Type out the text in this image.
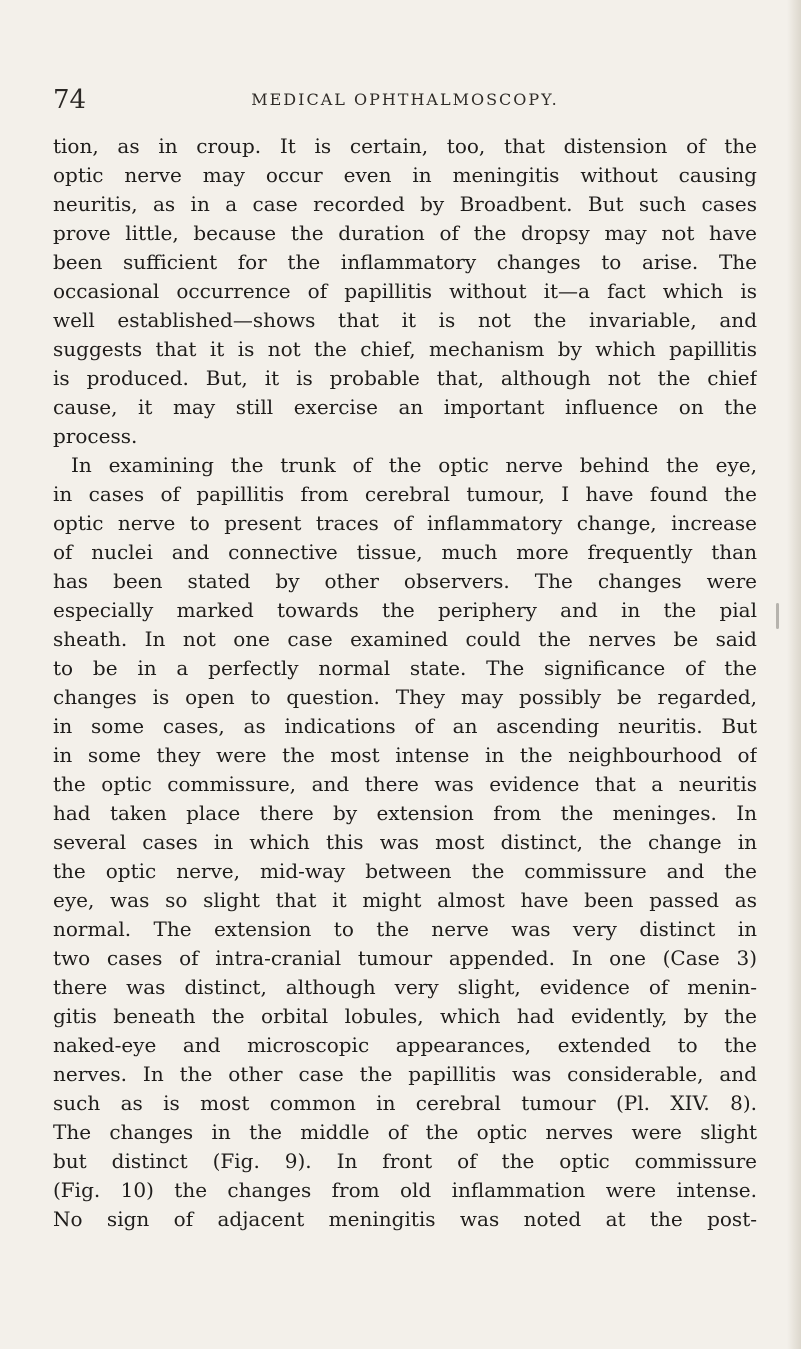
74	MEDICAL OPHTHALMOSCOPY.
tion, as in croup. It is certain, too, that distension of the
optic nerve may occur even in meningitis without causing
neuritis, as in a case recorded by Broadbent. But such cases
prove little, because the duration of the dropsy may not have
been sufficient for the inflammatory changes to arise. The
occasional occurrence of papillitis without it—a fact which is
well established—shows that it is not the invariable, and
suggests that it is not the chief, mechanism by which papillitis
is produced. But, it is probable that, although not the chief
cause, it may still exercise an important influence on the
process.
In examining the trunk of the optic nerve behind the eye,
in cases of papillitis from cerebral tumour, I have found the
optic nerve to present traces of inflammatory change, increase
of nuclei and connective tissue, much more frequently than
has been stated by other observers. The changes were
especially marked towards the periphery and in the pial
sheath. In not one case examined could the nerves be said
to be in a perfectly normal state. The significance of the
changes is open to question. They may possibly be regarded,
in some cases, as indications of an ascending neuritis. But
in some they were the most intense in the neighbourhood of
the optic commissure, and there was evidence that a neuritis
had taken place there by extension from the meninges. In
several cases in which this was most distinct, the change in
the optic nerve, mid-way between the commissure and the
eye, was so slight that it might almost have been passed as
normal. The extension to the nerve was very distinct in
two cases of intra-cranial tumour appended. In one (Case 3)
there was distinct, although very slight, evidence of menin-
gitis beneath the orbital lobules, which had evidently, by the
naked-eye and microscopic appearances, extended to the
nerves. In the other case the papillitis was considerable, and
such as is most common in cerebral tumour (Pl. XIV. 8).
The changes in the middle of the optic nerves were slight
but distinct (Fig. 9). In front of the optic commissure
(Fig. 10) the changes from old inflammation were intense.
No sign of adjacent meningitis was noted at the post-
